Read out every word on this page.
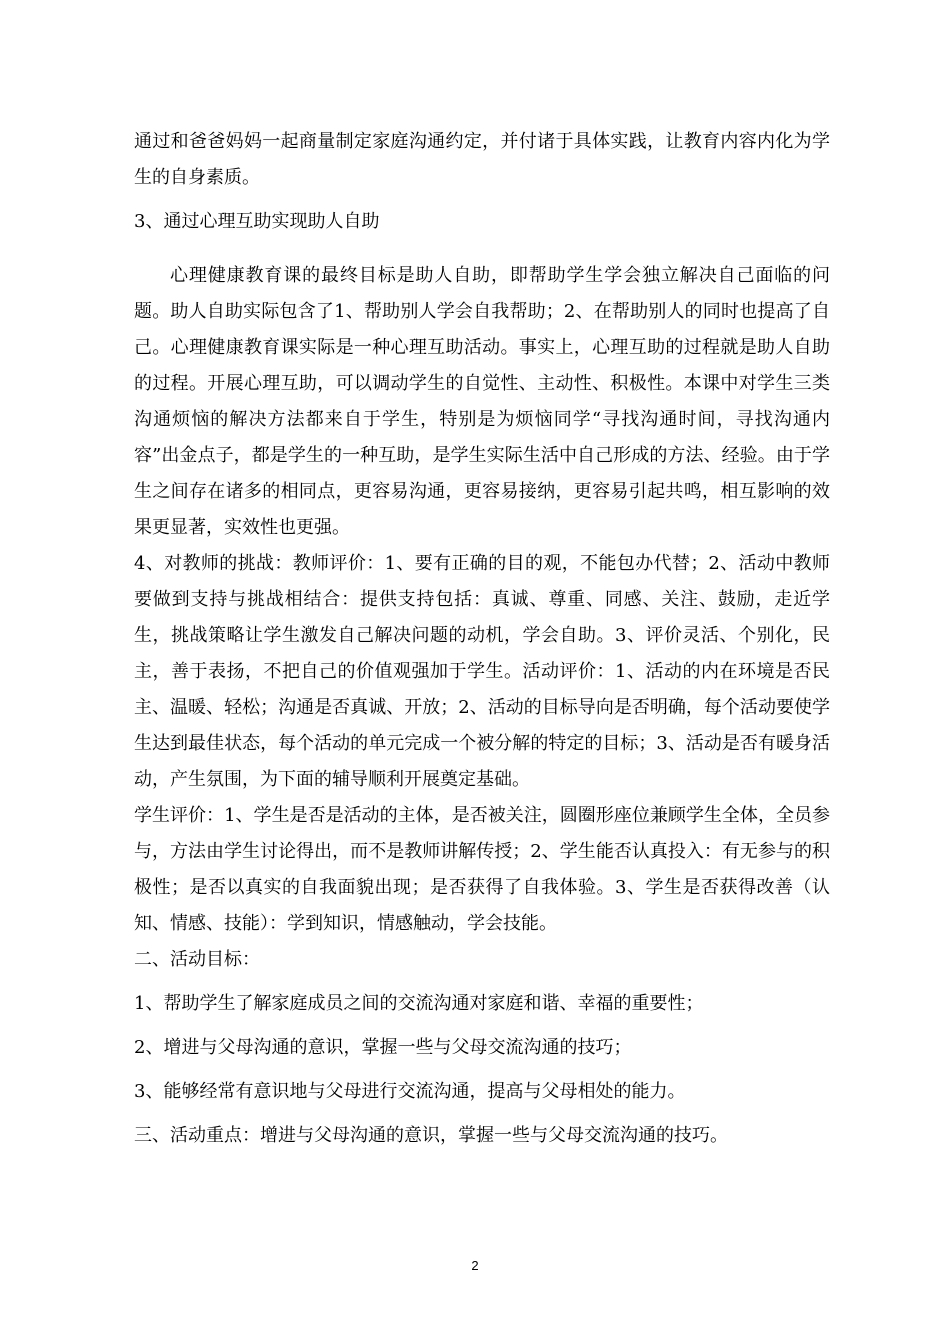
通过和爸爸妈妈一起商量制定家庭沟通约定，并付诸于具体实践，让教育内容内化为学生的自身素质。

3、通过心理互助实现助人自助

心理健康教育课的最终目标是助人自助，即帮助学生学会独立解决自己面临的问题。助人自助实际包含了1、帮助别人学会自我帮助；2、在帮助别人的同时也提高了自己。心理健康教育课实际是一种心理互助活动。事实上，心理互助的过程就是助人自助的过程。开展心理互助，可以调动学生的自觉性、主动性、积极性。本课中对学生三类沟通烦恼的解决方法都来自于学生，特别是为烦恼同学“寻找沟通时间，寻找沟通内容”出金点子，都是学生的一种互助，是学生实际生活中自己形成的方法、经验。由于学生之间存在诸多的相同点，更容易沟通，更容易接纳，更容易引起共鸣，相互影响的效果更显著，实效性也更强。

4、对教师的挑战：教师评价：1、要有正确的目的观，不能包办代替；2、活动中教师要做到支持与挑战相结合：提供支持包括：真诚、尊重、同感、关注、鼓励，走近学生，挑战策略让学生激发自己解决问题的动机，学会自助。3、评价灵活、个别化，民主，善于表扬，不把自己的价值观强加于学生。活动评价：1、活动的内在环境是否民主、温暖、轻松；沟通是否真诚、开放；2、活动的目标导向是否明确，每个活动要使学生达到最佳状态，每个活动的单元完成一个被分解的特定的目标；3、活动是否有暖身活动，产生氛围，为下面的辅导顺利开展奠定基础。

学生评价：1、学生是否是活动的主体，是否被关注，圆圈形座位兼顾学生全体，全员参与，方法由学生讨论得出，而不是教师讲解传授；2、学生能否认真投入：有无参与的积极性；是否以真实的自我面貌出现；是否获得了自我体验。3、学生是否获得改善（认知、情感、技能）：学到知识，情感触动，学会技能。

二、活动目标：

1、帮助学生了解家庭成员之间的交流沟通对家庭和谐、幸福的重要性；

2、增进与父母沟通的意识，掌握一些与父母交流沟通的技巧；

3、能够经常有意识地与父母进行交流沟通，提高与父母相处的能力。

三、活动重点：增进与父母沟通的意识，掌握一些与父母交流沟通的技巧。

2
